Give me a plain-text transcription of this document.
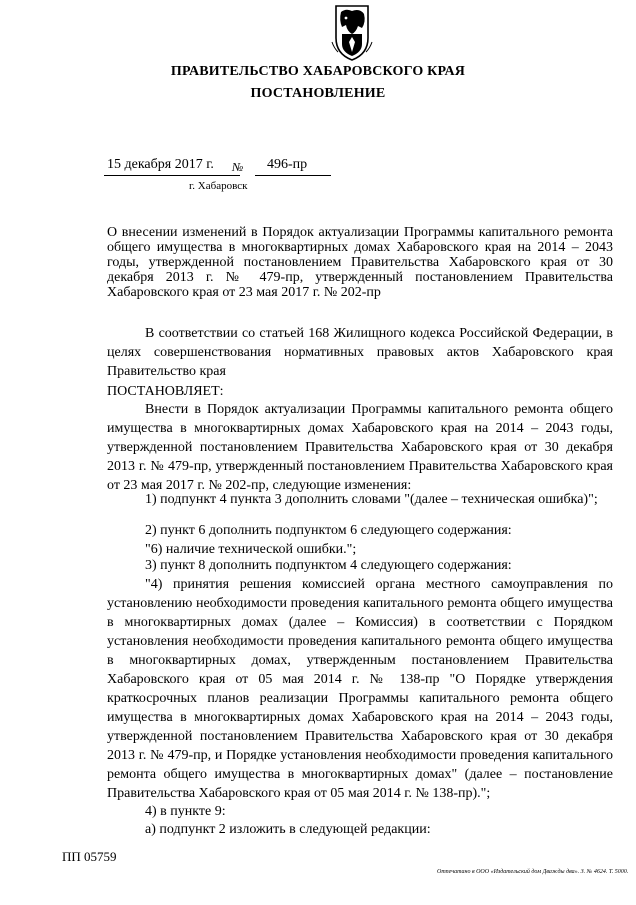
ПРАВИТЕЛЬСТВО ХАБАРОВСКОГО КРАЯ
ПОСТАНОВЛЕНИЕ
15 декабря 2017 г. № 496-пр
г. Хабаровск
О внесении изменений в Порядок актуализации Программы капитального ремонта общего имущества в многоквартирных домах Хабаровского края на 2014 – 2043 годы, утвержденной постановлением Правительства Хабаровского края от 30 декабря 2013 г. № 479-пр, утвержденный постановлением Правительства Хабаровского края от 23 мая 2017 г. № 202-пр
В соответствии со статьей 168 Жилищного кодекса Российской Федерации, в целях совершенствования нормативных правовых актов Хабаровского края Правительство края
ПОСТАНОВЛЯЕТ:
Внести в Порядок актуализации Программы капитального ремонта общего имущества в многоквартирных домах Хабаровского края на 2014 – 2043 годы, утвержденной постановлением Правительства Хабаровского края от 30 декабря 2013 г. № 479-пр, утвержденный постановлением Правительства Хабаровского края от 23 мая 2017 г. № 202-пр, следующие изменения:
1) подпункт 4 пункта 3 дополнить словами "(далее – техническая ошибка)";
2) пункт 6 дополнить подпунктом 6 следующего содержания:
"6) наличие технической ошибки.";
3) пункт 8 дополнить подпунктом 4 следующего содержания:
"4) принятия решения комиссией органа местного самоуправления по установлению необходимости проведения капитального ремонта общего имущества в многоквартирных домах (далее – Комиссия) в соответствии с Порядком установления необходимости проведения капитального ремонта общего имущества в многоквартирных домах, утвержденным постановлением Правительства Хабаровского края от 05 мая 2014 г. № 138-пр "О Порядке утверждения краткосрочных планов реализации Программы капитального ремонта общего имущества в многоквартирных домах Хабаровского края на 2014 – 2043 годы, утвержденной постановлением Правительства Хабаровского края от 30 декабря 2013 г. № 479-пр, и Порядке установления необходимости проведения капитального ремонта общего имущества в многоквартирных домах" (далее – постановление Правительства Хабаровского края от 05 мая 2014 г. № 138-пр).";
4) в пункте 9:
а) подпункт 2 изложить в следующей редакции:
ПП 05759
Отпечатано в ООО «Издательский дом Дважды два». З. № 4624. Т. 5000.
